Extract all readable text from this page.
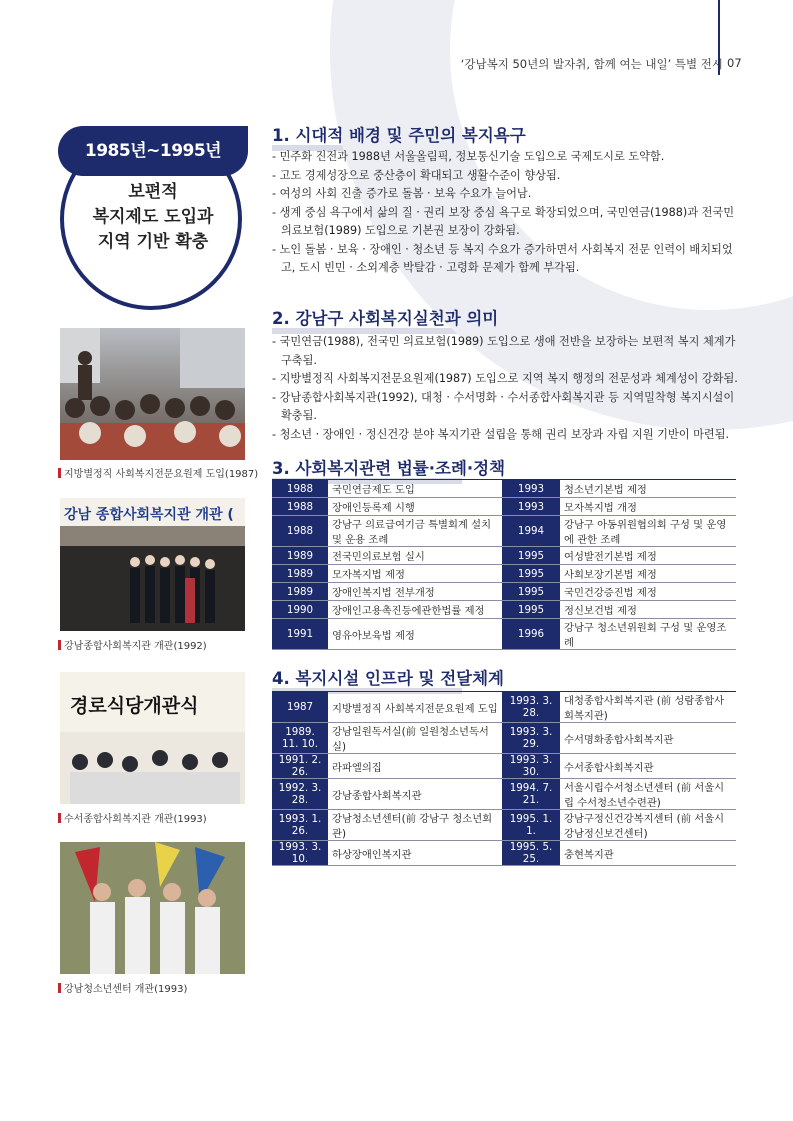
‘강남복지 50년의 발자취, 함께 여는 내일’ 특별 전시 07
1985년~1995년
보편적
복지제도 도입과
지역 기반 확충
지방별정직 사회복지전문요원제 도입(1987)
강남 종합사회복지관 개관 (
강남종합사회복지관 개관(1992)
경로식당개관식
수서종합사회복지관 개관(1993)
강남청소년센터 개관(1993)
1. 시대적 배경 및 주민의 복지욕구
- 민주화 진전과 1988년 서울올림픽, 정보통신기술 도입으로 국제도시로 도약함.
- 고도 경제성장으로 중산층이 확대되고 생활수준이 향상됨.
- 여성의 사회 진출 증가로 돌봄 · 보육 수요가 늘어남.
- 생계 중심 욕구에서 삶의 질 · 권리 보장 중심 욕구로 확장되었으며, 국민연금(1988)과 전국민 의료보험(1989) 도입으로 기본권 보장이 강화됨.
- 노인 돌봄 · 보육 · 장애인 · 청소년 등 복지 수요가 증가하면서 사회복지 전문 인력이 배치되었고, 도시 빈민 · 소외계층 박탈감 · 고령화 문제가 함께 부각됨.
2. 강남구 사회복지실천과 의미
- 국민연금(1988), 전국민 의료보험(1989) 도입으로 생애 전반을 보장하는 보편적 복지 체계가 구축됨.
- 지방별정직 사회복지전문요원제(1987) 도입으로 지역 복지 행정의 전문성과 체계성이 강화됨.
- 강남종합사회복지관(1992), 대청 · 수서명화 · 수서종합사회복지관 등 지역밀착형 복지시설이 확충됨.
- 청소년 · 장애인 · 정신건강 분야 복지기관 설립을 통해 권리 보장과 자립 지원 기반이 마련됨.
3. 사회복지관련 법률·조례·정책
1988	국민연금제도 도입	1993	청소년기본법 제정
1988	장애인등록제 시행	1993	모자복지법 개정
1988	강남구 의료급여기금 특별회계 설치 및 운용 조례	1994	강남구 아동위원협의회 구성 및 운영에 관한 조례
1989	전국민의료보험 실시	1995	여성발전기본법 제정
1989	모자복지법 제정	1995	사회보장기본법 제정
1989	장애인복지법 전부개정	1995	국민건강증진법 제정
1990	장애인고용촉진등에관한법률 제정	1995	정신보건법 제정
1991	영유아보육법 제정	1996	강남구 청소년위원회 구성 및 운영조례
4. 복지시설 인프라 및 전달체계
1987	지방별정직 사회복지전문요원제 도입	1993. 3. 28.	대청종합사회복지관 (前 성람종합사회복지관)
1989. 11. 10.	강남일원독서실(前 일원청소년독서실)	1993. 3. 29.	수서명화종합사회복지관
1991. 2. 26.	라파엘의집	1993. 3. 30.	수서종합사회복지관
1992. 3. 28.	강남종합사회복지관	1994. 7. 21.	서울시립수서청소년센터 (前 서울시립 수서청소년수련관)
1993. 1. 26.	강남청소년센터(前 강남구 청소년회관)	1995. 1. 1.	강남구정신건강복지센터 (前 서울시강남정신보건센터)
1993. 3. 10.	하상장애인복지관	1995. 5. 25.	충현복지관
